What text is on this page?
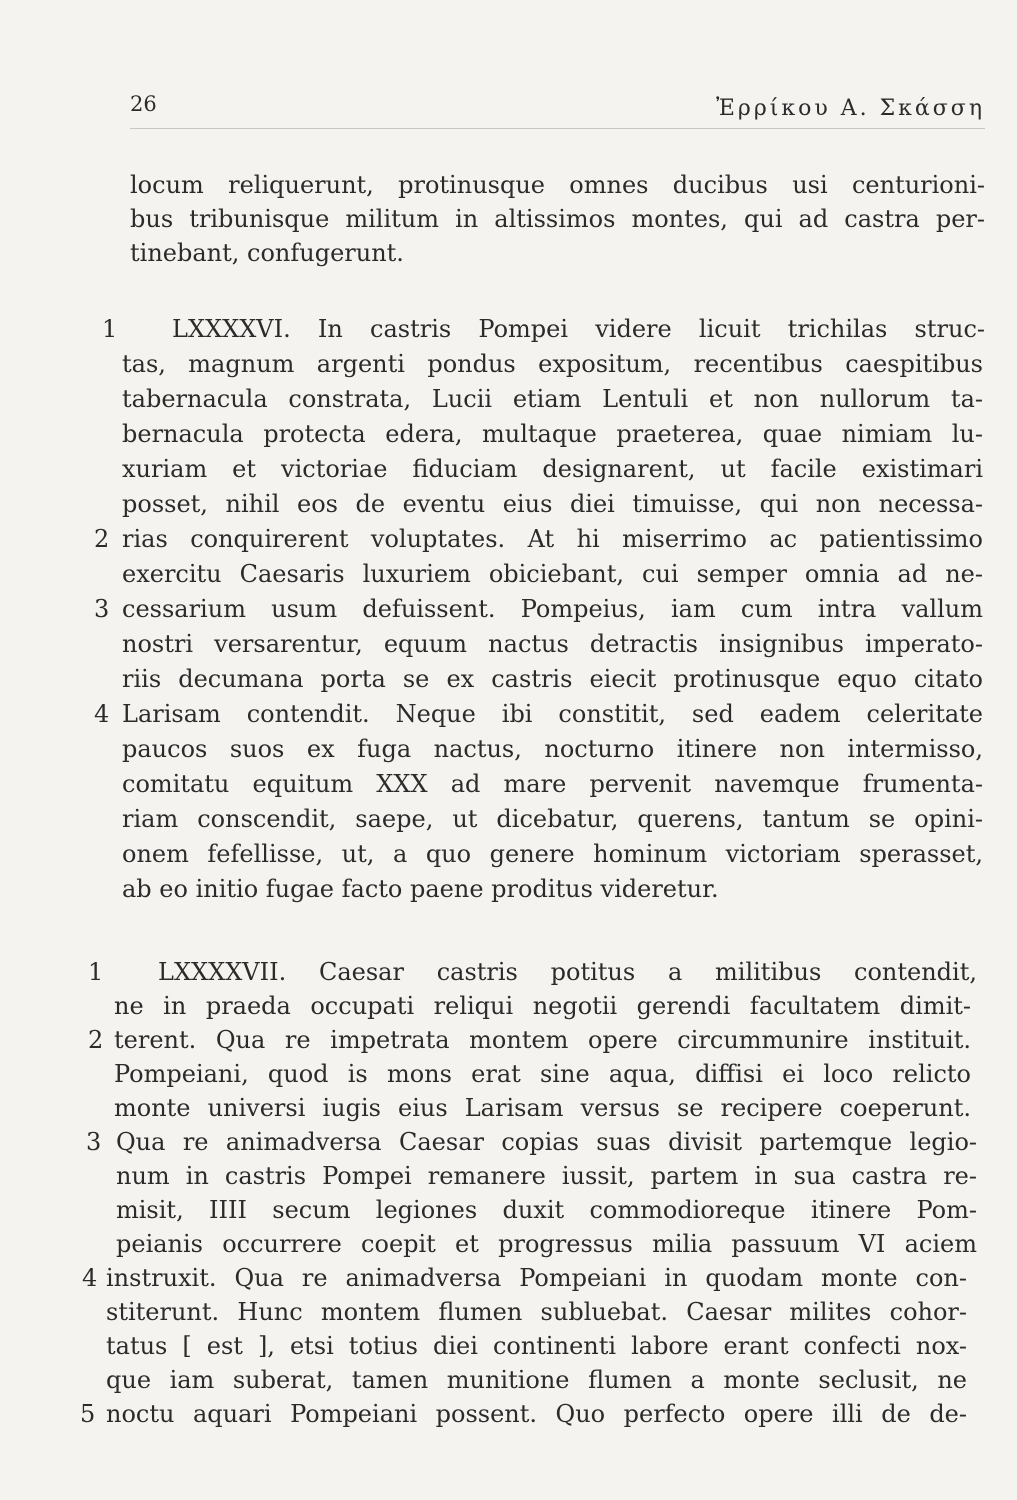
26	Ἐρρίκου Α. Σκάσση
locum reliquerunt, protinusque omnes ducibus usi centurioni-
bus tribunisque militum in altissimos montes, qui ad castra per-
tinebant, confugerunt.
1 LXXXXVI. In castris Pompei videre licuit trichilas struc-
tas, magnum argenti pondus expositum, recentibus caespitibus
tabernacula constrata, Lucii etiam Lentuli et non nullorum ta-
bernacula protecta edera, multaque praeterea, quae nimiam lu-
xuriam et victoriae fiduciam designarent, ut facile existimari
posset, nihil eos de eventu eius diei timuisse, qui non necessa-
2 rias conquirerent voluptates. At hi miserrimo ac patientissimo
exercitu Caesaris luxuriem obiciebant, cui semper omnia ad ne-
3 cessarium usum defuissent. Pompeius, iam cum intra vallum
nostri versarentur, equum nactus detractis insignibus imperato-
riis decumana porta se ex castris eiecit protinusque equo citato
4 Larisam contendit. Neque ibi constitit, sed eadem celeritate
paucos suos ex fuga nactus, nocturno itinere non intermisso,
comitatu equitum XXX ad mare pervenit navemque frumenta-
riam conscendit, saepe, ut dicebatur, querens, tantum se opini-
onem fefellisse, ut, a quo genere hominum victoriam sperasset,
ab eo initio fugae facto paene proditus videretur.
1 LXXXXVII. Caesar castris potitus a militibus contendit,
ne in praeda occupati reliqui negotii gerendi facultatem dimit-
2 terent. Qua re impetrata montem opere circummunire instituit.
Pompeiani, quod is mons erat sine aqua, diffisi ei loco relicto
monte universi iugis eius Larisam versus se recipere coeperunt.
3 Qua re animadversa Caesar copias suas divisit partemque legio-
num in castris Pompei remanere iussit, partem in sua castra re-
misit, IIII secum legiones duxit commodioreque itinere Pom-
peianis occurrere coepit et progressus milia passuum VI aciem
4 instruxit. Qua re animadversa Pompeiani in quodam monte con-
stiterunt. Hunc montem flumen subluebat. Caesar milites cohor-
tatus [ est ], etsi totius diei continenti labore erant confecti nox-
que iam suberat, tamen munitione flumen a monte seclusit, ne
5 noctu aquari Pompeiani possent. Quo perfecto opere illi de de-
